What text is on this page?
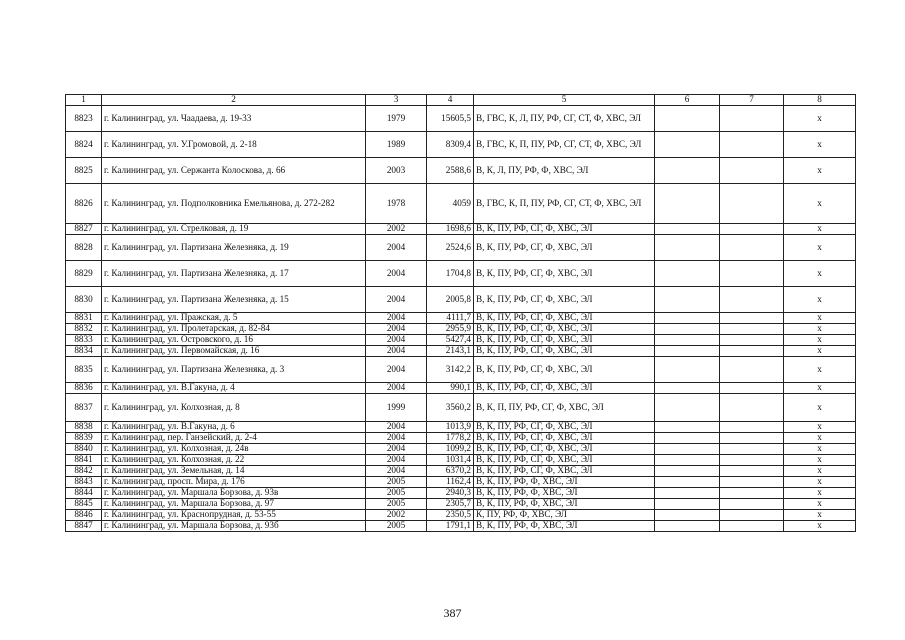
1	2	3	4	5	6	7	8
8823	г. Калининград, ул. Чаадаева, д. 19-33	1979	15605,5	В, ГВС, К, Л, ПУ, РФ, СГ, СТ, Ф, ХВС, ЭЛ			х
8824	г. Калининград, ул. У.Громовой, д. 2-18	1989	8309,4	В, ГВС, К, П, ПУ, РФ, СГ, СТ, Ф, ХВС, ЭЛ			х
8825	г. Калининград, ул. Сержанта Колоскова, д. 66	2003	2588,6	В, К, Л, ПУ, РФ, Ф, ХВС, ЭЛ			х
8826	г. Калининград, ул. Подполковника Емельянова, д. 272-282	1978	4059	В, ГВС, К, П, ПУ, РФ, СГ, СТ, Ф, ХВС, ЭЛ			х
8827	г. Калининград, ул. Стрелковая, д. 19	2002	1698,6	В, К, ПУ, РФ, СГ, Ф, ХВС, ЭЛ			х
8828	г. Калининград, ул. Партизана Железняка, д. 19	2004	2524,6	В, К, ПУ, РФ, СГ, Ф, ХВС, ЭЛ			х
8829	г. Калининград, ул. Партизана Железняка, д. 17	2004	1704,8	В, К, ПУ, РФ, СГ, Ф, ХВС, ЭЛ			х
8830	г. Калининград, ул. Партизана Железняка, д. 15	2004	2005,8	В, К, ПУ, РФ, СГ, Ф, ХВС, ЭЛ			х
8831	г. Калининград, ул. Пражская, д. 5	2004	4111,7	В, К, ПУ, РФ, СГ, Ф, ХВС, ЭЛ			х
8832	г. Калининград, ул. Пролетарская, д. 82-84	2004	2955,9	В, К, ПУ, РФ, СГ, Ф, ХВС, ЭЛ			х
8833	г. Калининград, ул. Островского, д. 16	2004	5427,4	В, К, ПУ, РФ, СГ, Ф, ХВС, ЭЛ			х
8834	г. Калининград, ул. Первомайская, д. 16	2004	2143,1	В, К, ПУ, РФ, СГ, Ф, ХВС, ЭЛ			х
8835	г. Калининград, ул. Партизана Железняка, д. 3	2004	3142,2	В, К, ПУ, РФ, СГ, Ф, ХВС, ЭЛ			х
8836	г. Калининград, ул. В.Гакуна, д. 4	2004	990,1	В, К, ПУ, РФ, СГ, Ф, ХВС, ЭЛ			х
8837	г. Калининград, ул. Колхозная, д. 8	1999	3560,2	В, К, П, ПУ, РФ, СГ, Ф, ХВС, ЭЛ			х
8838	г. Калининград, ул. В.Гакуна, д. 6	2004	1013,9	В, К, ПУ, РФ, СГ, Ф, ХВС, ЭЛ			х
8839	г. Калининград, пер. Ганзейский, д. 2-4	2004	1778,2	В, К, ПУ, РФ, СГ, Ф, ХВС, ЭЛ			х
8840	г. Калининград, ул. Колхозная, д. 24в	2004	1099,2	В, К, ПУ, РФ, СГ, Ф, ХВС, ЭЛ			х
8841	г. Калининград, ул. Колхозная, д. 22	2004	1031,4	В, К, ПУ, РФ, СГ, Ф, ХВС, ЭЛ			х
8842	г. Калининград, ул. Земельная, д. 14	2004	6370,2	В, К, ПУ, РФ, СГ, Ф, ХВС, ЭЛ			х
8843	г. Калининград, просп. Мира, д. 176	2005	1162,4	В, К, ПУ, РФ, Ф, ХВС, ЭЛ			х
8844	г. Калининград, ул. Маршала Борзова, д. 93в	2005	2940,3	В, К, ПУ, РФ, Ф, ХВС, ЭЛ			х
8845	г. Калининград, ул. Маршала Борзова, д. 97	2005	2305,7	В, К, ПУ, РФ, Ф, ХВС, ЭЛ			х
8846	г. Калининград, ул. Краснопрудная, д. 53-55	2002	2350,5	К, ПУ, РФ, Ф, ХВС, ЭЛ			х
8847	г. Калининград, ул. Маршала Борзова, д. 93б	2005	1791,1	В, К, ПУ, РФ, Ф, ХВС, ЭЛ			х
387
